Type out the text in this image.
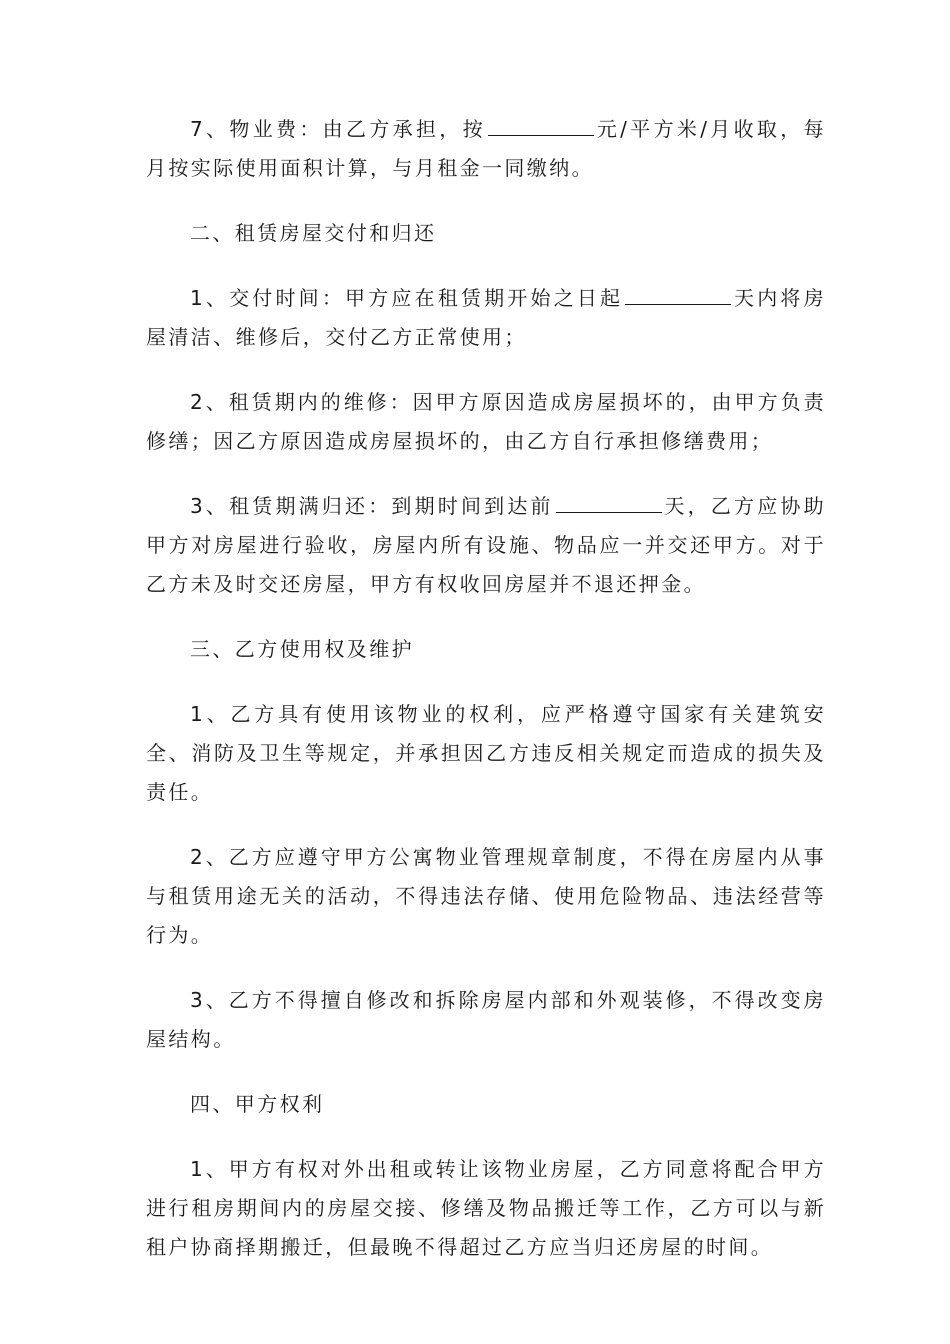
7、物业费：由乙方承担，按	元/平方米/月收取，每月按实际使用面积计算，与月租金一同缴纳。

二、租赁房屋交付和归还

1、交付时间：甲方应在租赁期开始之日起	天内将房屋清洁、维修后，交付乙方正常使用；

2、租赁期内的维修：因甲方原因造成房屋损坏的，由甲方负责修缮；因乙方原因造成房屋损坏的，由乙方自行承担修缮费用；

3、租赁期满归还：到期时间到达前	天，乙方应协助甲方对房屋进行验收，房屋内所有设施、物品应一并交还甲方。对于乙方未及时交还房屋，甲方有权收回房屋并不退还押金。

三、乙方使用权及维护

1、乙方具有使用该物业的权利，应严格遵守国家有关建筑安全、消防及卫生等规定，并承担因乙方违反相关规定而造成的损失及责任。

2、乙方应遵守甲方公寓物业管理规章制度，不得在房屋内从事与租赁用途无关的活动，不得违法存储、使用危险物品、违法经营等行为。

3、乙方不得擅自修改和拆除房屋内部和外观装修，不得改变房屋结构。

四、甲方权利

1、甲方有权对外出租或转让该物业房屋，乙方同意将配合甲方进行租房期间内的房屋交接、修缮及物品搬迁等工作，乙方可以与新租户协商择期搬迁，但最晚不得超过乙方应当归还房屋的时间。
